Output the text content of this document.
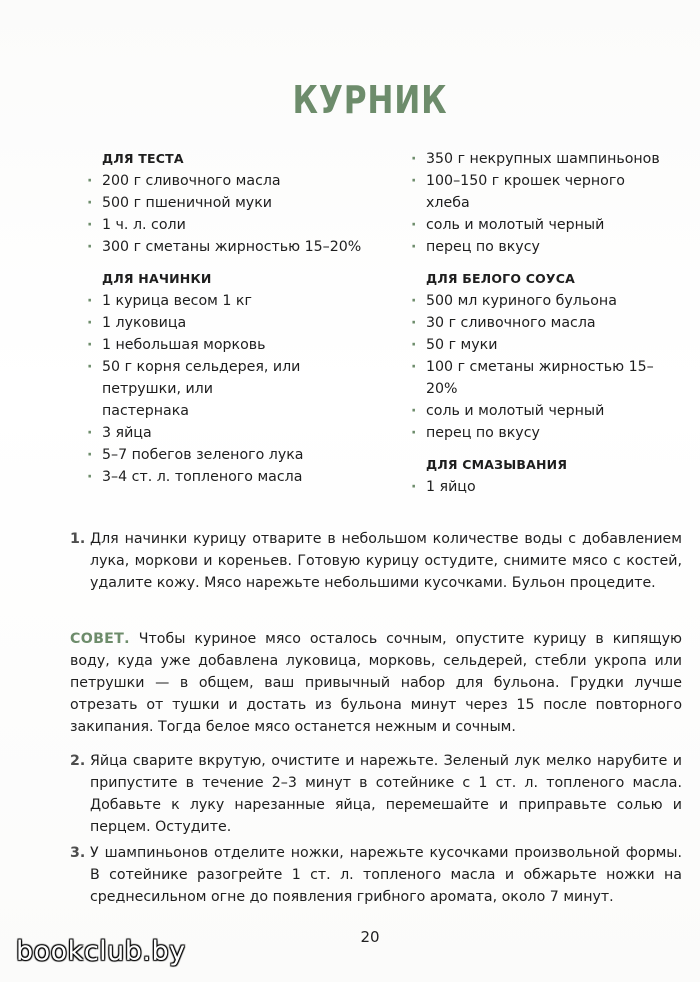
КУРНИК
ДЛЯ ТЕСТА
· 200 г сливочного масла
· 500 г пшеничной муки
· 1 ч. л. соли
· 300 г сметаны жирностью 15–20%
ДЛЯ НАЧИНКИ
· 1 курица весом 1 кг
· 1 луковица
· 1 небольшая морковь
· 50 г корня сельдерея, или петрушки, или пастернака
· 3 яйца
· 5–7 побегов зеленого лука
· 3–4 ст. л. топленого масла
· 350 г некрупных шампиньонов
· 100–150 г крошек черного хлеба
· соль и молотый черный
· перец по вкусу
ДЛЯ БЕЛОГО СОУСА
· 500 мл куриного бульона
· 30 г сливочного масла
· 50 г муки
· 100 г сметаны жирностью 15–20%
· соль и молотый черный
· перец по вкусу
ДЛЯ СМАЗЫВАНИЯ
· 1 яйцо
1. Для начинки курицу отварите в небольшом количестве воды с добавлением лука, моркови и кореньев. Готовую курицу остудите, снимите мясо с костей, удалите кожу. Мясо нарежьте небольшими кусочками. Бульон процедите.
СОВЕТ. Чтобы куриное мясо осталось сочным, опустите курицу в кипящую воду, куда уже добавлена луковица, морковь, сельдерей, стебли укропа или петрушки — в общем, ваш привычный набор для бульона. Грудки лучше отрезать от тушки и достать из бульона минут через 15 после повторного закипания. Тогда белое мясо останется нежным и сочным.
2. Яйца сварите вкрутую, очистите и нарежьте. Зеленый лук мелко нарубите и припустите в течение 2–3 минут в сотейнике с 1 ст. л. топленого масла. Добавьте к луку нарезанные яйца, перемешайте и приправьте солью и перцем. Остудите.
3. У шампиньонов отделите ножки, нарежьте кусочками произвольной формы. В сотейнике разогрейте 1 ст. л. топленого масла и обжарьте ножки на среднесильном огне до появления грибного аромата, около 7 минут.
20
bookclub.by
